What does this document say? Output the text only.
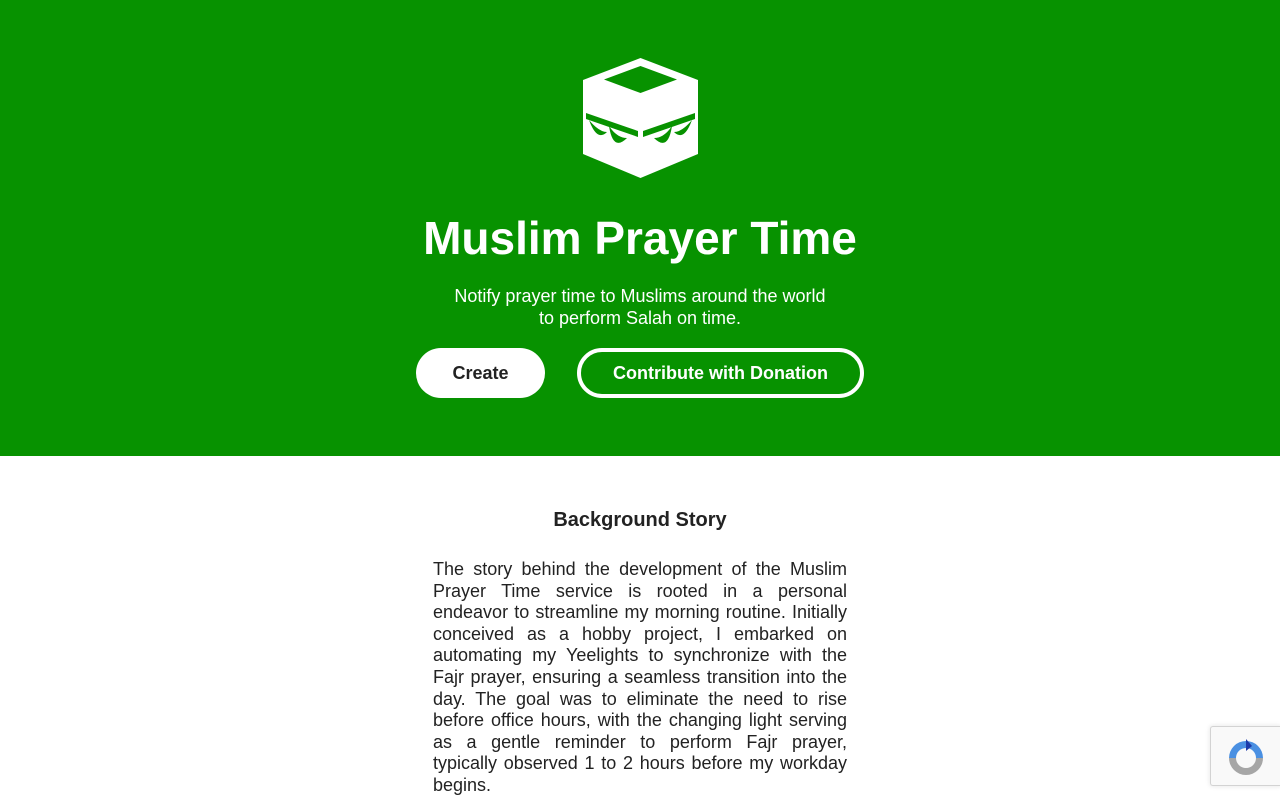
Muslim Prayer Time

Notify prayer time to Muslims around the world
to perform Salah on time.

Create	Contribute with Donation
Background Story

The story behind the development of the Muslim Prayer Time service is rooted in a personal endeavor to streamline my morning routine. Initially conceived as a hobby project, I embarked on automating my Yeelights to synchronize with the Fajr prayer, ensuring a seamless transition into the day. The goal was to eliminate the need to rise before office hours, with the changing light serving as a gentle reminder to perform Fajr prayer, typically observed 1 to 2 hours before my workday begins.
